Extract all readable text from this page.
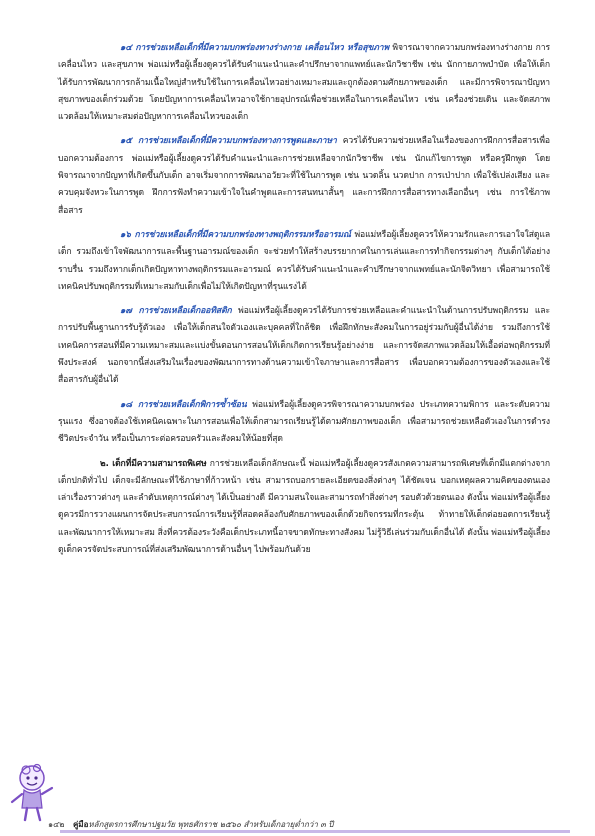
๑๔ การช่วยเหลือเด็กที่มีความบกพร่องทางร่างกาย เคลื่อนไหว หรือสุขภาพ พิจารณาจากความบกพร่องทางร่างกาย การเคลื่อนไหว และสุขภาพ พ่อแม่หรือผู้เลี้ยงดูควรได้รับคำแนะนำและคำปรึกษาจากแพทย์และนักวิชาชีพ เช่น นักกายภาพบำบัด เพื่อให้เด็กได้รับการพัฒนาการกล้ามเนื้อใหญ่สำหรับใช้ในการเคลื่อนไหวอย่างเหมาะสมและถูกต้องตามศักยภาพของเด็ก และมีการพิจารณาปัญหาสุขภาพของเด็กร่วมด้วย โดยปัญหาการเคลื่อนไหวอาจใช้กายอุปกรณ์เพื่อช่วยเหลือในการเคลื่อนไหว เช่น เครื่องช่วยเดิน และจัดสภาพแวดล้อมให้เหมาะสมต่อปัญหาการเคลื่อนไหวของเด็ก

๑๕ การช่วยเหลือเด็กที่มีความบกพร่องทางการพูดและภาษา ควรได้รับความช่วยเหลือในเรื่องของการฝึกการสื่อสารเพื่อบอกความต้องการ พ่อแม่หรือผู้เลี้ยงดูควรได้รับคำแนะนำและการช่วยเหลือจากนักวิชาชีพ เช่น นักแก้ไขการพูด หรือครูฝึกพูด โดยพิจารณาจากปัญหาที่เกิดขึ้นกับเด็ก อาจเริ่มจากการพัฒนาอวัยวะที่ใช้ในการพูด เช่น นวดลิ้น นวดปาก การเป่าปาก เพื่อใช้เปล่งเสียง และควบคุมจังหวะในการพูด ฝึกการฟังทำความเข้าใจในคำพูดและการสนทนาสั้นๆ และการฝึกการสื่อสารทางเลือกอื่นๆ เช่น การใช้ภาพสื่อสาร

๑๖ การช่วยเหลือเด็กที่มีความบกพร่องทางพฤติกรรมหรืออารมณ์ พ่อแม่หรือผู้เลี้ยงดูควรให้ความรักและการเอาใจใส่ดูแลเด็ก รวมถึงเข้าใจพัฒนาการและพื้นฐานอารมณ์ของเด็ก จะช่วยทำให้สร้างบรรยากาศในการเล่นและการทำกิจกรรมต่างๆ กับเด็กได้อย่างราบรื่น รวมถึงหากเด็กเกิดปัญหาทางพฤติกรรมและอารมณ์ ควรได้รับคำแนะนำและคำปรึกษาจากแพทย์และนักจิตวิทยา เพื่อสามารถใช้เทคนิคปรับพฤติกรรมที่เหมาะสมกับเด็กเพื่อไม่ให้เกิดปัญหาที่รุนแรงได้

๑๗ การช่วยเหลือเด็กออทิสติก พ่อแม่หรือผู้เลี้ยงดูควรได้รับการช่วยเหลือและคำแนะนำในด้านการปรับพฤติกรรม และการปรับพื้นฐานการรับรู้ตัวเอง เพื่อให้เด็กสนใจตัวเองและบุคคลที่ใกล้ชิด เพื่อฝึกทักษะสังคมในการอยู่ร่วมกับผู้อื่นได้ง่าย รวมถึงการใช้เทคนิคการสอนที่มีความเหมาะสมและแบ่งขั้นตอนการสอนให้เด็กเกิดการเรียนรู้อย่างง่าย และการจัดสภาพแวดล้อมให้เอื้อต่อพฤติกรรมที่พึงประสงค์ นอกจากนี้ส่งเสริมในเรื่องของพัฒนาการทางด้านความเข้าใจภาษาและการสื่อสาร เพื่อบอกความต้องการของตัวเองและใช้สื่อสารกับผู้อื่นได้

๑๘ การช่วยเหลือเด็กพิการซ้ำซ้อน พ่อแม่หรือผู้เลี้ยงดูควรพิจารณาความบกพร่อง ประเภทความพิการ และระดับความรุนแรง ซึ่งอาจต้องใช้เทคนิคเฉพาะในการสอนเพื่อให้เด็กสามารถเรียนรู้ได้ตามศักยภาพของเด็ก เพื่อสามารถช่วยเหลือตัวเองในการดำรงชีวิตประจำวัน หรือเป็นภาระต่อครอบครัวและสังคมให้น้อยที่สุด

๒. เด็กที่มีความสามารถพิเศษ การช่วยเหลือเด็กลักษณะนี้ พ่อแม่หรือผู้เลี้ยงดูควรสังเกตความสามารถพิเศษที่เด็กมีแตกต่างจากเด็กปกติทั่วไป เด็กจะมีลักษณะที่ใช้ภาษาที่ก้าวหน้า เช่น สามารถบอกรายละเอียดของสิ่งต่างๆ ได้ชัดเจน บอกเหตุผลความคิดของตนเอง เล่าเรื่องราวต่างๆ และลำดับเหตุการณ์ต่างๆ ได้เป็นอย่างดี มีความสนใจและสามารถทำสิ่งต่างๆ รอบตัวด้วยตนเอง ดังนั้น พ่อแม่หรือผู้เลี้ยงดูควรมีการวางแผนการจัดประสบการณ์การเรียนรู้ที่สอดคล้องกับศักยภาพของเด็กด้วยกิจกรรมที่กระตุ้น ท้าทายให้เด็กต่อยอดการเรียนรู้และพัฒนาการให้เหมาะสม สิ่งที่ควรต้องระวังคือเด็กประเภทนี้อาจขาดทักษะทางสังคม ไม่รู้วิธีเล่นร่วมกับเด็กอื่นได้ ดังนั้น พ่อแม่หรือผู้เลี้ยงดูเด็กควรจัดประสบการณ์ที่ส่งเสริมพัฒนาการด้านอื่นๆ ไปพร้อมกันด้วย

๑๔๒ คู่มือหลักสูตรการศึกษาปฐมวัย พุทธศักราช ๒๕๖๐ สำหรับเด็กอายุต่ำกว่า ๓ ปี
